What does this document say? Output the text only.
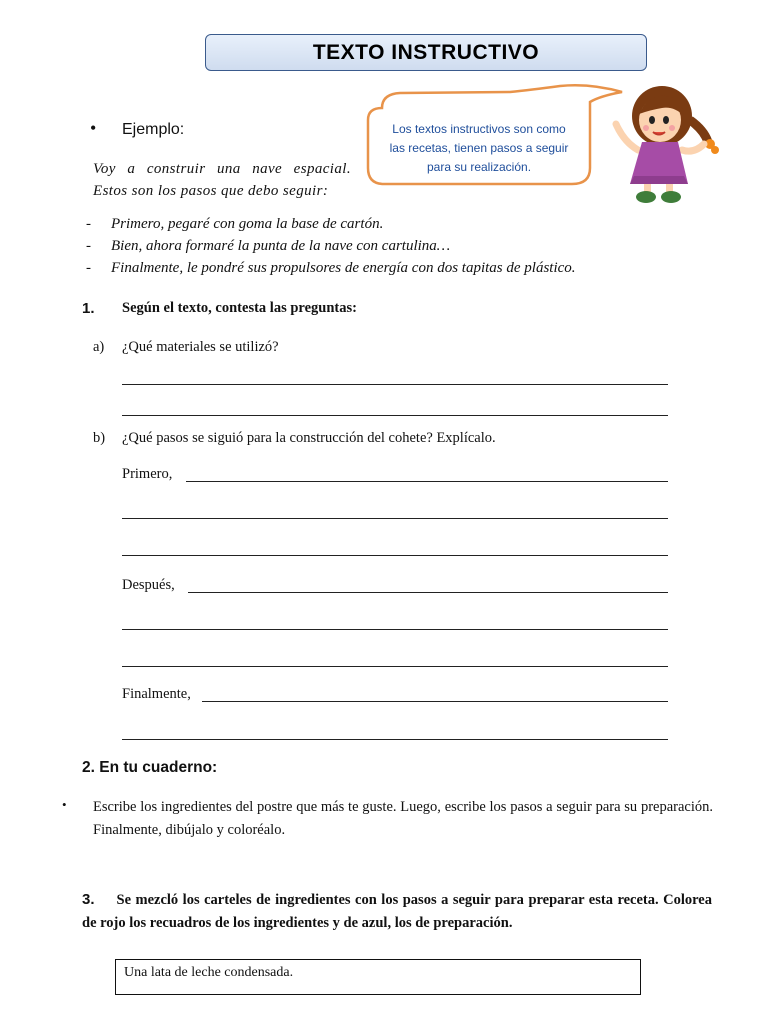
TEXTO INSTRUCTIVO
• Ejemplo:
Voy a construir una nave espacial.
Estos son los pasos que debo seguir:
- Primero, pegaré con goma la base de cartón.
- Bien, ahora formaré la punta de la nave con cartulina…
- Finalmente, le pondré sus propulsores de energía con dos tapitas de plástico.
Los textos instructivos son como
las recetas, tienen pasos a seguir
para su realización.
1. Según el texto, contesta las preguntas:
a) ¿Qué materiales se utilizó?
b) ¿Qué pasos se siguió para la construcción del cohete? Explícalo.
Primero,
Después,
Finalmente,
2. En tu cuaderno:
• Escribe los ingredientes del postre que más te guste. Luego, escribe los pasos a seguir para su preparación. Finalmente, dibújalo y coloréalo.
3. Se mezcló los carteles de ingredientes con los pasos a seguir para preparar esta receta. Colorea de rojo los recuadros de los ingredientes y de azul, los de preparación.
Una lata de leche condensada.
